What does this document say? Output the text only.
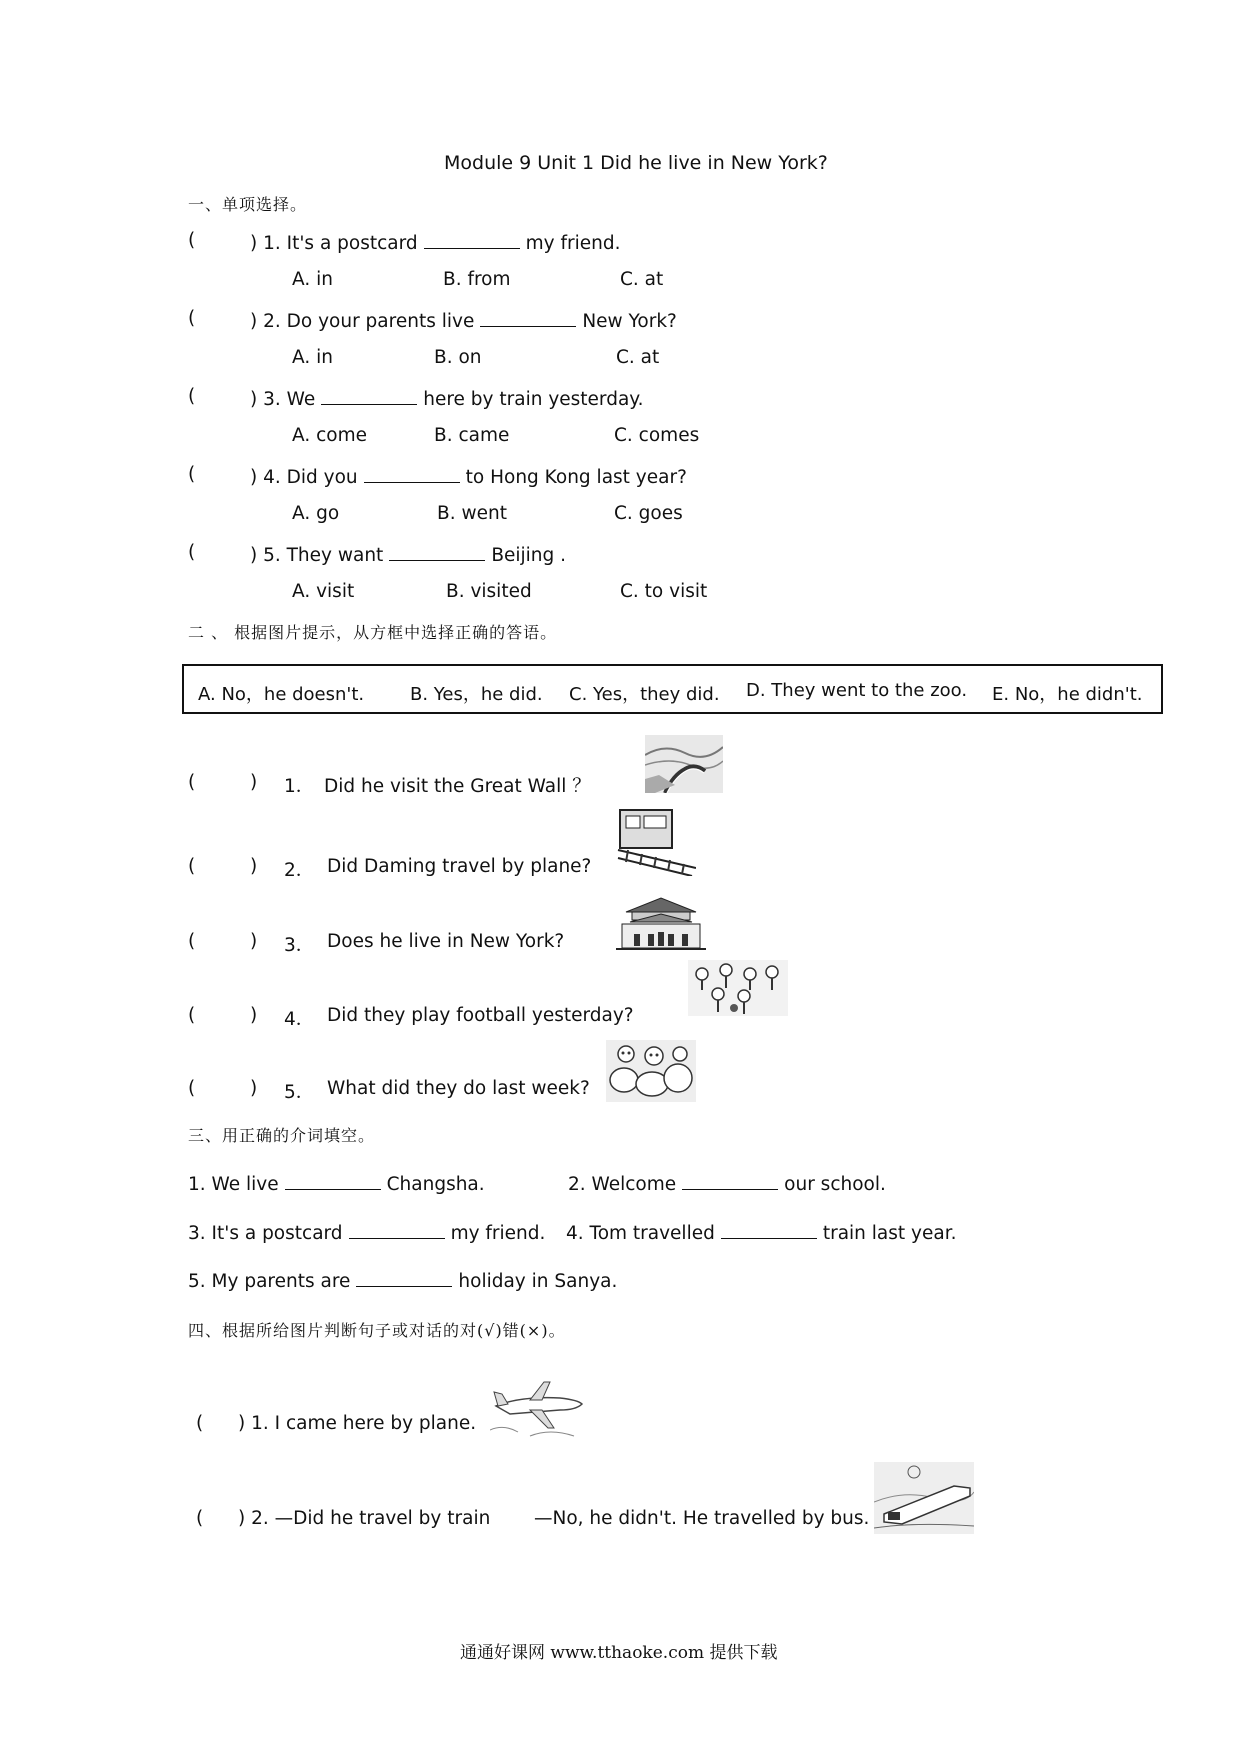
Module 9 Unit 1 Did he live in New York?
一、单项选择。
(	) 1. It's a postcard	my friend.
A. in	B. from	C. at
(	) 2. Do your parents live	New York?
A. in	B. on	C. at
(	) 3. We	here by train yesterday.
A. come	B. came	C. comes
(	) 4. Did you	to Hong Kong last year?
A. go	B. went	C. goes
(	) 5. They want	Beijing .
A. visit	B. visited	C. to visit
二 、 根据图片提示，从方框中选择正确的答语。
A. No，he doesn't.	B. Yes，he did. C. Yes，they did. D. They went to the zoo. E. No，he didn't.
(	) 1． Did he visit the Great Wall ？
(	) 2． Did Daming travel by plane?
(	) 3． Does he live in New York?
(	) 4． Did they play football yesterday?
(	) 5． What did they do last week?
三、用正确的介词填空。
1. We live	Changsha.	2. Welcome	our school.
3. It's a postcard	my friend. 4. Tom travelled	train last year.
5. My parents are	holiday in Sanya.
四、根据所给图片判断句子或对话的对(√)错(×)。
( ) 1. I came here by plane.
( ) 2. —Did he travel by train —No, he didn't. He travelled by bus.
通通好课网 www.tthaoke.com 提供下载
